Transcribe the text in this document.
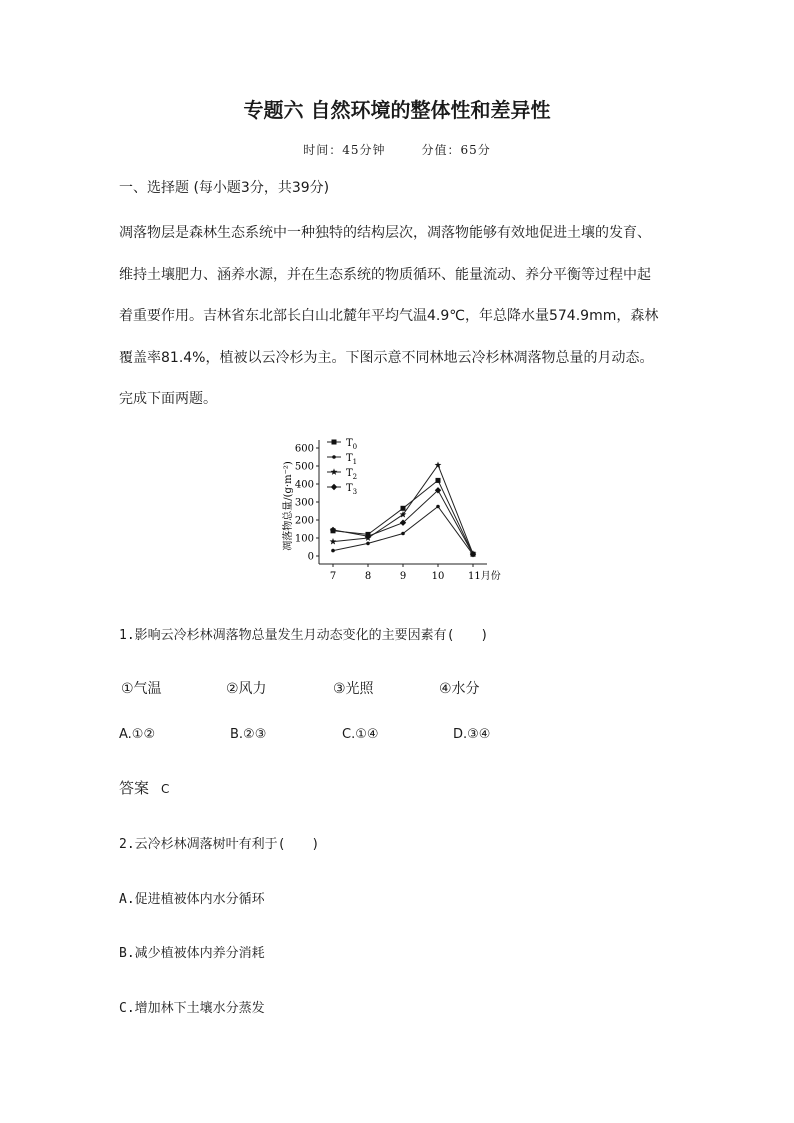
专题六 自然环境的整体性和差异性
时间：45分钟	分值：65分
一、选择题 (每小题3分，共39分)
凋落物层是森林生态系统中一种独特的结构层次，凋落物能够有效地促进土壤的发育、
维持土壤肥力、涵养水源，并在生态系统的物质循环、能量流动、养分平衡等过程中起
着重要作用。吉林省东北部长白山北麓年平均气温4.9℃，年总降水量574.9mm，森林
覆盖率81.4%，植被以云冷杉为主。下图示意不同林地云冷杉林凋落物总量的月动态。
完成下面两题。
0
100
200
300
400
500
600
7	8	9	10 11月份
$T_0$
$T_1$
$T_2$
$T_3$
凋落物总量/(g·m⁻²)
1.影响云冷杉林凋落物总量发生月动态变化的主要因素有(　　)
①气温	②风力	③光照	④水分
A.①②	B.②③	C.①④	D.③④
答案 C
2.云冷杉林凋落树叶有利于(　　)
A.促进植被体内水分循环
B.减少植被体内养分消耗
C.增加林下土壤水分蒸发
